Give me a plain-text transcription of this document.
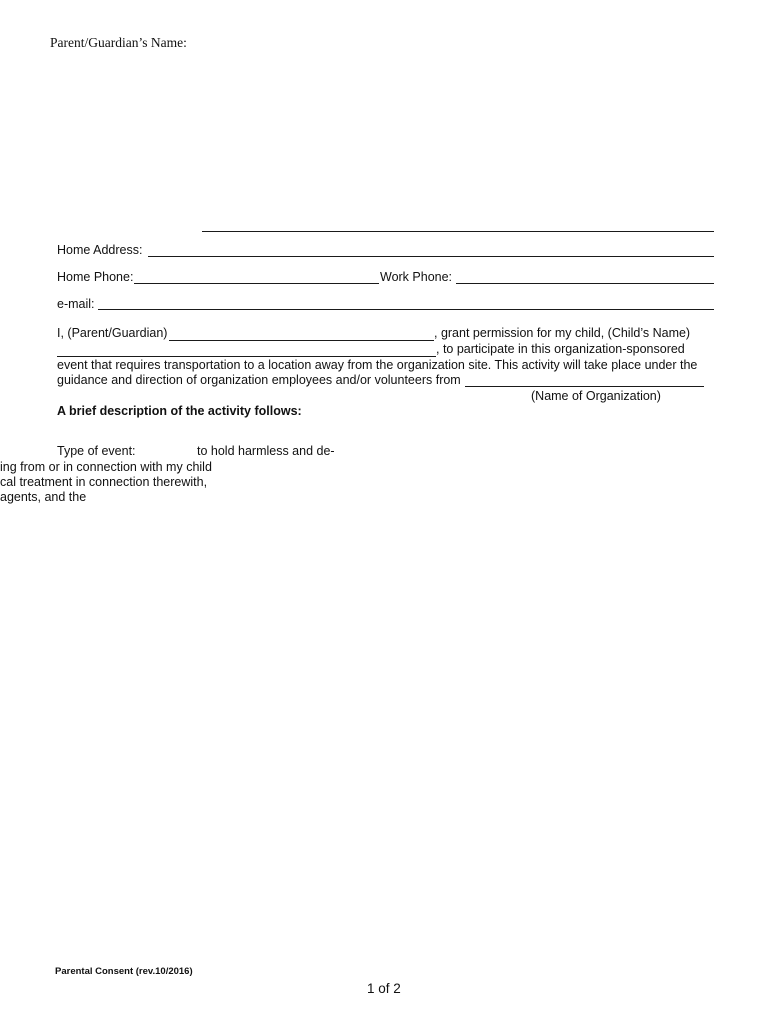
Parent/Guardian’s Name:
Home Address:
Home Phone:	Work Phone:
e-mail:
I, (Parent/Guardian)	, grant permission for my child, (Child’s Name)
, to participate in this organization-sponsored
event that requires transportation to a location away from the organization site. This activity will take place under the
guidance and direction of organization employees and/or volunteers from
(Name of Organization)
A brief description of the activity follows:
Type of event:	to hold harmless and de-
ing from or in connection with my child
cal treatment in connection therewith,
agents, and the
Parental Consent (rev.10/2016)
1 of 2
